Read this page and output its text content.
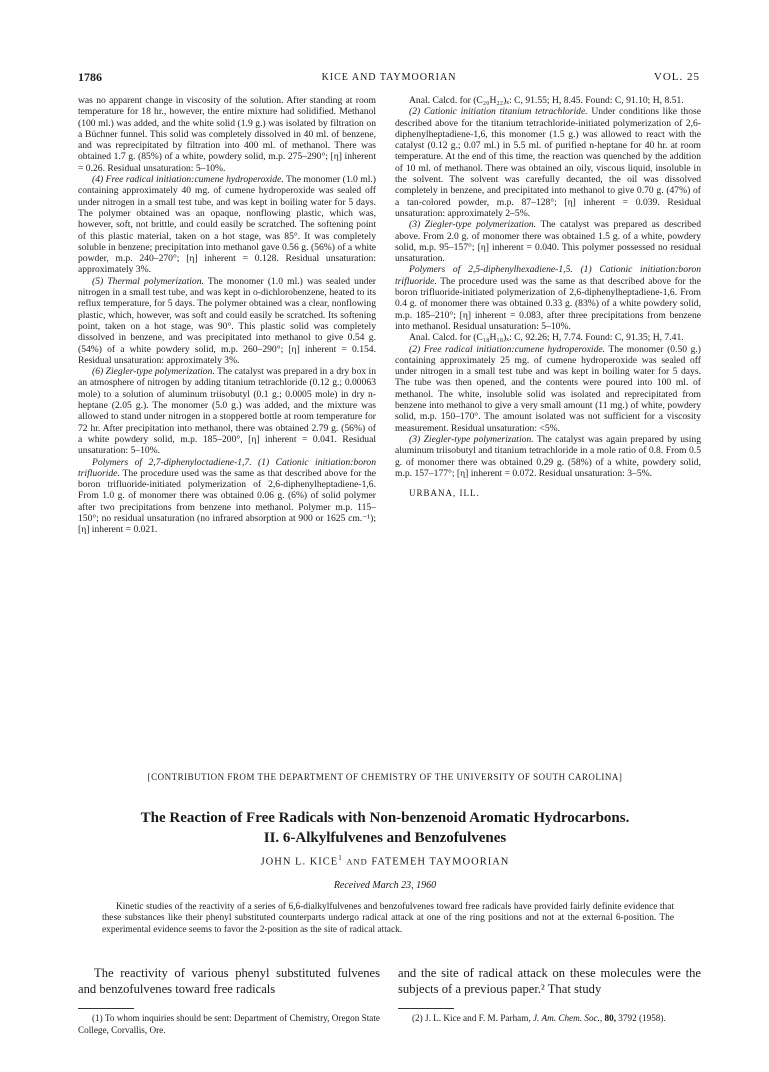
1786	KICE AND TAYMOORIAN	VOL. 25

was no apparent change in viscosity of the solution. After standing at room temperature for 18 hr., however, the entire mixture had solidified. Methanol (100 ml.) was added, and the white solid (1.9 g.) was isolated by filtration on a Büchner funnel. This solid was completely dissolved in 40 ml. of benzene, and was reprecipitated by filtration into 400 ml. of methanol. There was obtained 1.7 g. (85%) of a white, powdery solid, m.p. 275–290°; [η] inherent = 0.26. Residual unsaturation: 5–10%.

(4) Free radical initiation:cumene hydroperoxide. The monomer (1.0 ml.) containing approximately 40 mg. of cumene hydroperoxide was sealed off under nitrogen in a small test tube, and was kept in boiling water for 5 days. The polymer obtained was an opaque, nonflowing plastic, which was, however, soft, not brittle, and could easily be scratched. The softening point of this plastic material, taken on a hot stage, was 85°. It was completely soluble in benzene; precipitation into methanol gave 0.56 g. (56%) of a white powder, m.p. 240–270°; [η] inherent = 0.128. Residual unsaturation: approximately 3%.

(5) Thermal polymerization. The monomer (1.0 ml.) was sealed under nitrogen in a small test tube, and was kept in o-dichlorobenzene, heated to its reflux temperature, for 5 days. The polymer obtained was a clear, nonflowing plastic, which, however, was soft and could easily be scratched. Its softening point, taken on a hot stage, was 90°. This plastic solid was completely dissolved in benzene, and was precipitated into methanol to give 0.54 g. (54%) of a white powdery solid, m.p. 260–290°; [η] inherent = 0.154. Residual unsaturation: approximately 3%.

(6) Ziegler-type polymerization. The catalyst was prepared in a dry box in an atmosphere of nitrogen by adding titanium tetrachloride (0.12 g.; 0.00063 mole) to a solution of aluminum triisobutyl (0.1 g.; 0.0005 mole) in dry n-heptane (2.05 g.). The monomer (5.0 g.) was added, and the mixture was allowed to stand under nitrogen in a stoppered bottle at room temperature for 72 hr. After precipitation into methanol, there was obtained 2.79 g. (56%) of a white powdery solid, m.p. 185–200°, [η] inherent = 0.041. Residual unsaturation: 5–10%.

Polymers of 2,7-diphenyloctadiene-1,7. (1) Cationic initiation:boron trifluoride. The procedure used was the same as that described above for the boron trifluoride-initiated polymerization of 2,6-diphenylheptadiene-1,6. From 1.0 g. of monomer there was obtained 0.06 g. (6%) of solid polymer after two precipitations from benzene into methanol. Polymer m.p. 115–150°; no residual unsaturation (no infrared absorption at 900 or 1625 cm.⁻¹); [η] inherent = 0.021.

Anal. Calcd. for (C₂₀H₂₂)ₓ: C, 91.55; H, 8.45. Found: C, 91.10; H, 8.51.

(2) Cationic initiation titanium tetrachloride. Under conditions like those described above for the titanium tetrachloride-initiated polymerization of 2,6-diphenylheptadiene-1,6, this monomer (1.5 g.) was allowed to react with the catalyst (0.12 g.; 0.07 ml.) in 5.5 ml. of purified n-heptane for 40 hr. at room temperature. At the end of this time, the reaction was quenched by the addition of 10 ml. of methanol. There was obtained an oily, viscous liquid, insoluble in the solvent. The solvent was carefully decanted, the oil was dissolved completely in benzene, and precipitated into methanol to give 0.70 g. (47%) of a tan-colored powder, m.p. 87–128°; [η] inherent = 0.039. Residual unsaturation: approximately 2–5%.

(3) Ziegler-type polymerization. The catalyst was prepared as described above. From 2.0 g. of monomer there was obtained 1.5 g. of a white, powdery solid, m.p. 95–157°; [η] inherent = 0.040. This polymer possessed no residual unsaturation.

Polymers of 2,5-diphenylhexadiene-1,5. (1) Cationic initiation:boron trifluoride. The procedure used was the same as that described above for the boron trifluoride-initiated polymerization of 2,6-diphenylheptadiene-1,6. From 0.4 g. of monomer there was obtained 0.33 g. (83%) of a white powdery solid, m.p. 185–210°; [η] inherent = 0.083, after three precipitations from benzene into methanol. Residual unsaturation: 5–10%.

Anal. Calcd. for (C₁₈H₁₈)ₓ: C, 92.26; H, 7.74. Found: C, 91.35; H, 7.41.

(2) Free radical initiation:cumene hydroperoxide. The monomer (0.50 g.) containing approximately 25 mg. of cumene hydroperoxide was sealed off under nitrogen in a small test tube and was kept in boiling water for 5 days. The tube was then opened, and the contents were poured into 100 ml. of methanol. The white, insoluble solid was isolated and reprecipitated from benzene into methanol to give a very small amount (11 mg.) of white, powdery solid, m.p. 150–170°. The amount isolated was not sufficient for a viscosity measurement. Residual unsaturation: <5%.

(3) Ziegler-type polymerization. The catalyst was again prepared by using aluminum triisobutyl and titanium tetrachloride in a mole ratio of 0.8. From 0.5 g. of monomer there was obtained 0.29 g. (58%) of a white, powdery solid, m.p. 157–177°; [η] inherent = 0.072. Residual unsaturation: 3–5%.

URBANA, ILL.

[CONTRIBUTION FROM THE DEPARTMENT OF CHEMISTRY OF THE UNIVERSITY OF SOUTH CAROLINA]
The Reaction of Free Radicals with Non-benzenoid Aromatic Hydrocarbons.
II. 6-Alkylfulvenes and Benzofulvenes
JOHN L. KICE$^1$ AND FATEMEH TAYMOORIAN
Received March 23, 1960
Kinetic studies of the reactivity of a series of 6,6-dialkylfulvenes and benzofulvenes toward free radicals have provided fairly definite evidence that these substances like their phenyl substituted counterparts undergo radical attack at one of the ring positions and not at the external 6-position. The experimental evidence seems to favor the 2-position as the site of radical attack.
The reactivity of various phenyl substituted fulvenes and benzofulvenes toward free radicals
and the site of radical attack on these molecules were the subjects of a previous paper.² That study
(1) To whom inquiries should be sent: Department of Chemistry, Oregon State College, Corvallis, Ore.
(2) J. L. Kice and F. M. Parham, J. Am. Chem. Soc., 80, 3792 (1958).
